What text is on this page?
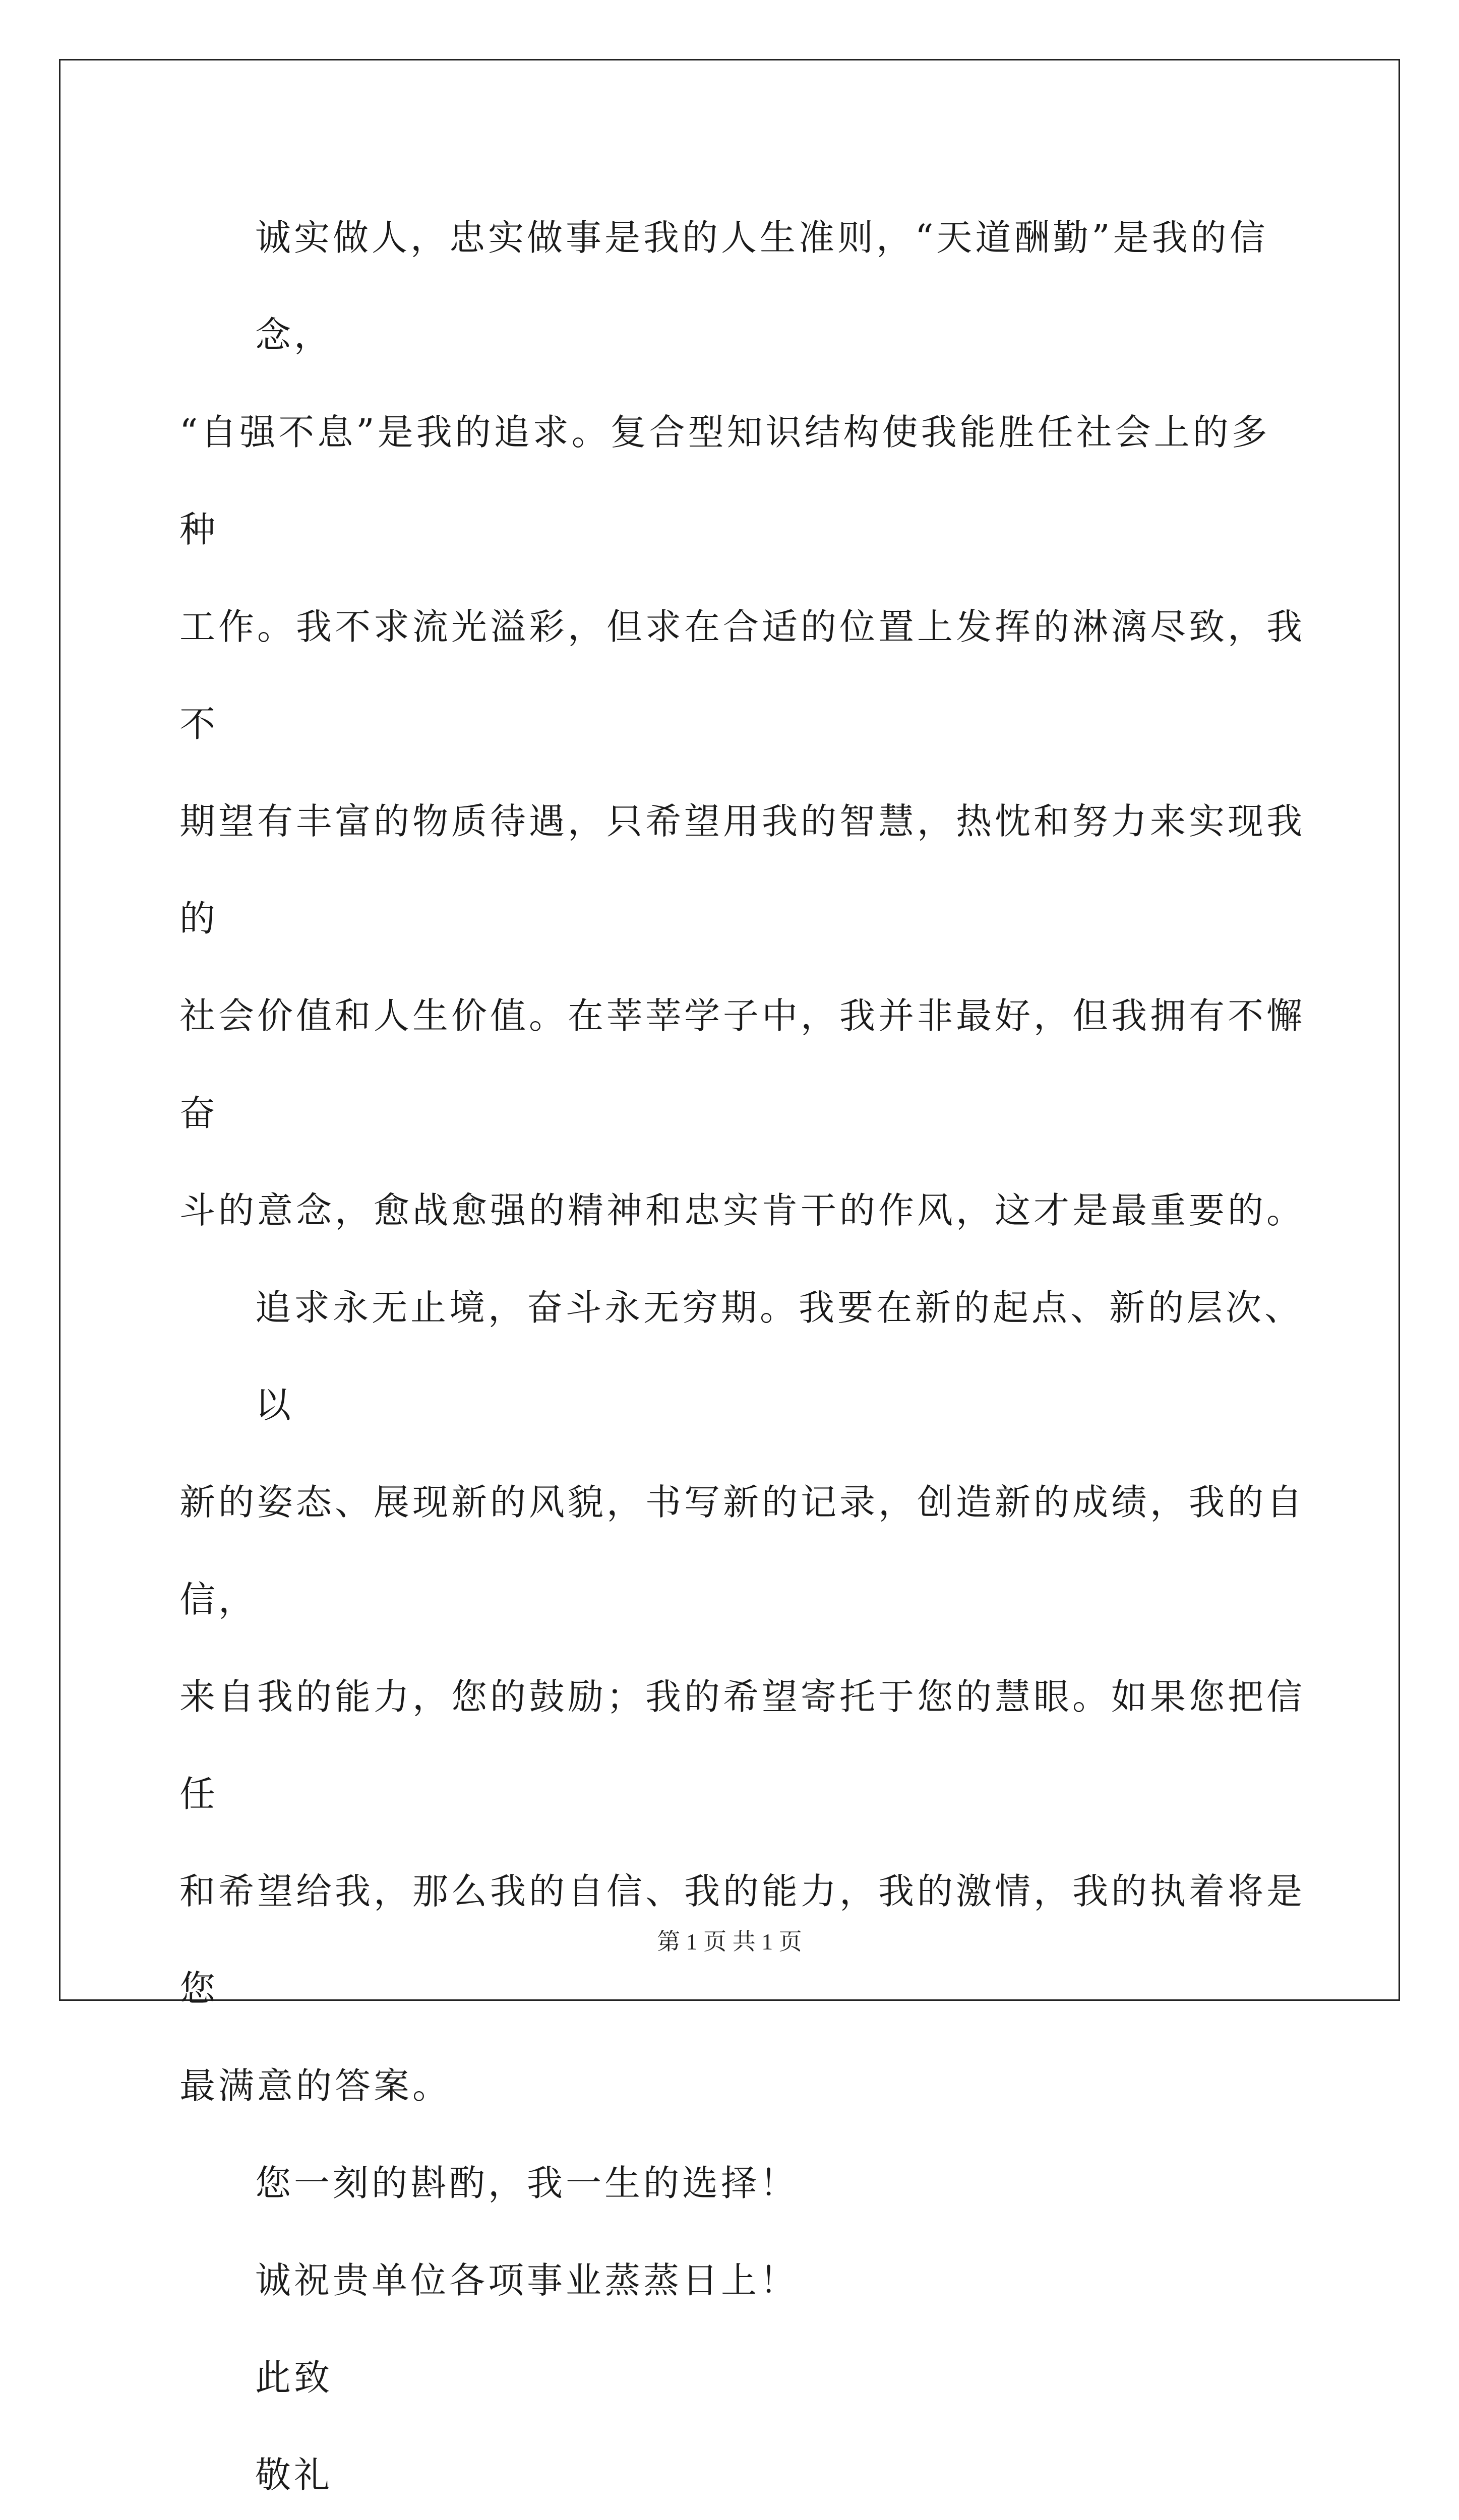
诚实做人，忠实做事是我的人生准则，“天道酬勤”是我的信念，
“自强不息”是我的追求。复合型知识结构使我能胜任社会上的多种
工作。我不求流光溢彩，但求在合适的位置上发挥的淋漓尽致，我不
期望有丰富的物质待遇，只希望用我的智慧，热忱和努力来实现我的
社会价值和人生价值。在莘莘学子中，我并非最好，但我拥有不懈奋
斗的意念，愈战愈强的精神和忠实肯干的作风，这才是最重要的。
追求永无止境，奋斗永无穷期。我要在新的起点、新的层次、以
新的姿态、展现新的风貌，书写新的记录，创造新的成绩，我的自信，
来自我的能力，您的鼓励；我的希望寄托于您的慧眼。如果您把信任
和希望给我，那么我的自信、我的能力，我的激情，我的执着将是您
最满意的答案。
您一刻的斟酌，我一生的选择！
诚祝贵单位各项事业蒸蒸日上！
此致
敬礼
第 1 页 共 1 页
